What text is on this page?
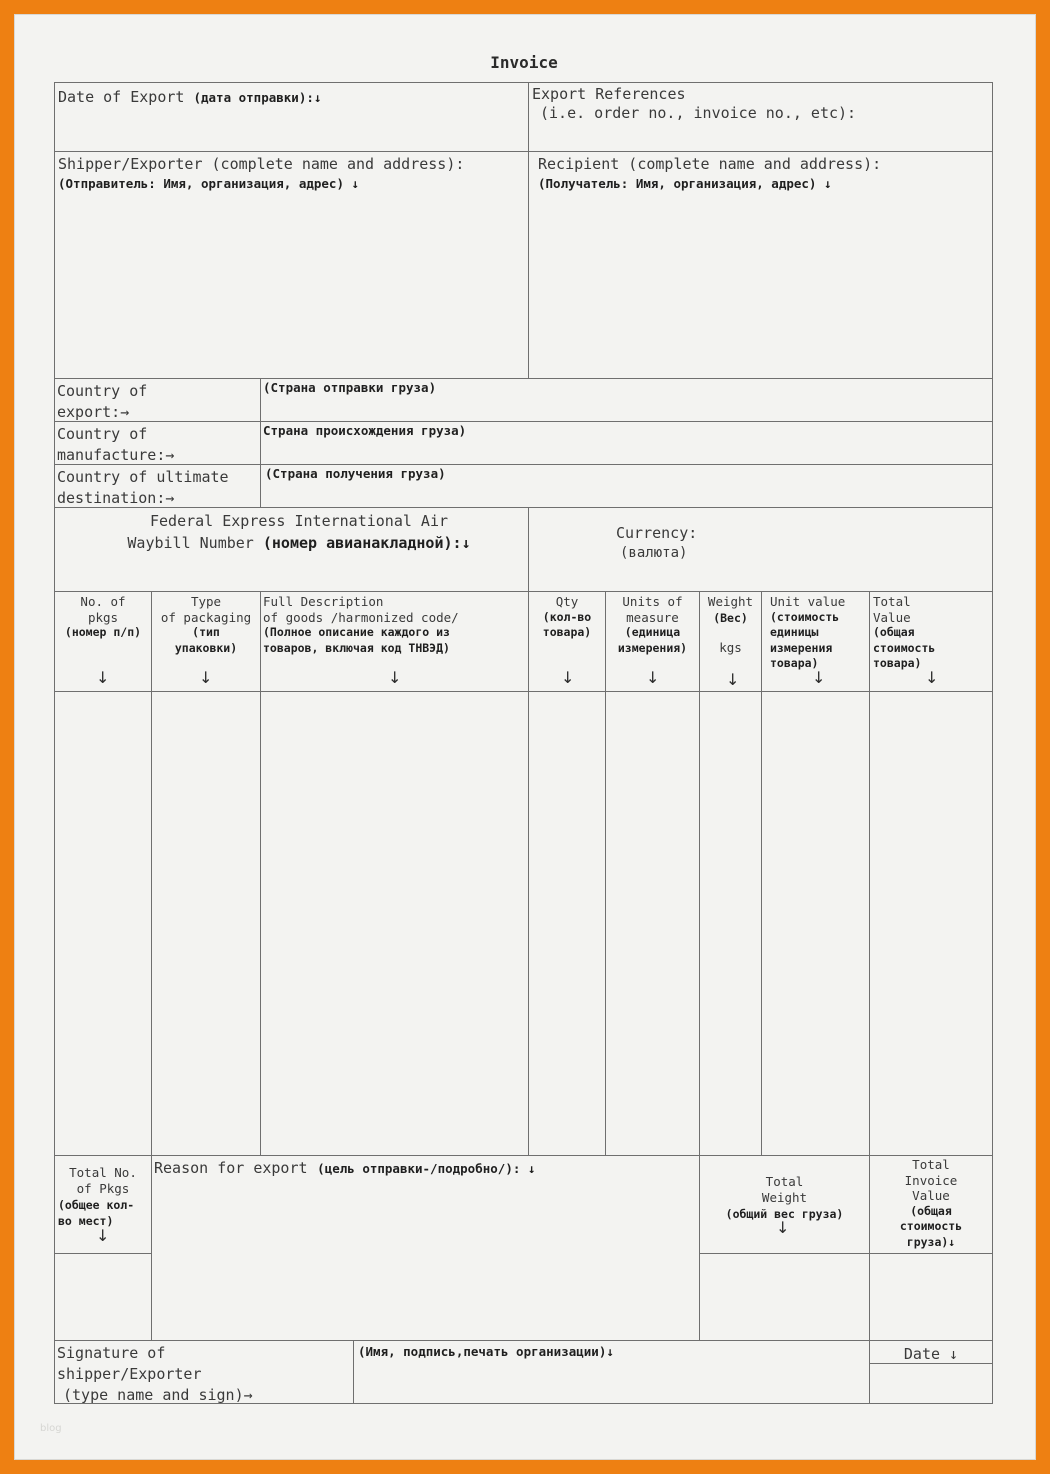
Invoice
Date of Export (дата отправки):↓	Export References
(i.e. order no., invoice no., etc):
Shipper/Exporter (complete name and address):
(Отправитель: Имя, организация, адрес) ↓
Recipient (complete name and address):
(Получатель: Имя, организация, адрес) ↓
Country of
export:→
(Страна отправки груза)
Country of
manufacture:→
Страна происхождения груза)
Country of ultimate
destination:→
(Страна получения груза)
Federal Express International Air
Waybill Number (номер авианакладной):↓
Currency:
(валюта)
No. of
pkgs
(номер п/п)
↓
Type
of packaging
(тип
упаковки)
↓
Full Description
of goods /harmonized code/
(Полное описание каждого из
товаров, включая код ТНВЭД)
↓
Qty
(кол-во
товара)
↓
Units of
measure
(единица
измерения)
↓
Weight
(Вес)
kgs
↓
Unit value
(стоимость
единицы
измерения
товара)
↓
Total
Value
(общая
стоимость
товара)
↓
Total No.
of Pkgs
(общее кол-
во мест)
↓
Reason for export (цель отправки-/подробно/): ↓
Total
Weight
(общий вес груза)
↓
Total
Invoice
Value
(общая
стоимость
груза)↓
Signature of
shipper/Exporter
(type name and sign)→
(Имя, подпись,печать организации)↓	Date ↓
blog
